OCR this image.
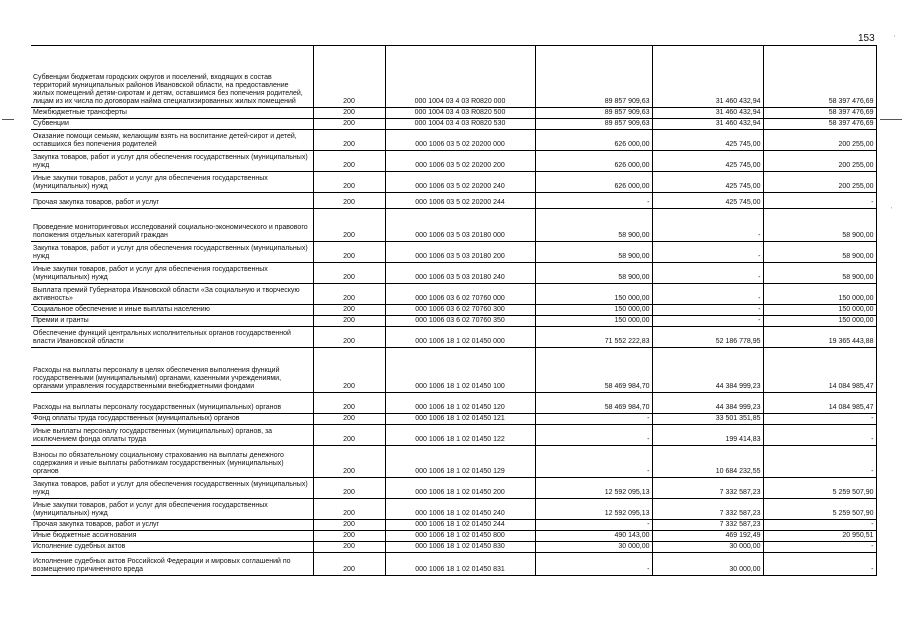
153
ˌ
ˌ
Субвенции бюджетам городских округов и поселений, входящих в состав территорий муниципальных районов Ивановской области, на предоставление жилых помещений детям-сиротам и детям, оставшимся без попечения родителей, лицам из их числа по договорам найма специализированных жилых помещений	200	000 1004 03 4 03 R0820 000	89 857 909,63	31 460 432,94	58 397 476,69
Межбюджетные трансферты	200	000 1004 03 4 03 R0820 500	89 857 909,63	31 460 432,94	58 397 476,69
Субвенции	200	000 1004 03 4 03 R0820 530	89 857 909,63	31 460 432,94	58 397 476,69
Оказание помощи семьям, желающим взять на воспитание детей-сирот и детей, оставшихся без попечения родителей	200	000 1006 03 5 02 20200 000	626 000,00	425 745,00	200 255,00
Закупка товаров, работ и услуг для обеспечения государственных (муниципальных) нужд	200	000 1006 03 5 02 20200 200	626 000,00	425 745,00	200 255,00
Иные закупки товаров, работ и услуг для обеспечения государственных (муниципальных) нужд	200	000 1006 03 5 02 20200 240	626 000,00	425 745,00	200 255,00
Прочая закупка товаров, работ и услуг	200	000 1006 03 5 02 20200 244	-	425 745,00	-
Проведение мониторинговых исследований социально-экономического и правового положения отдельных категорий граждан	200	000 1006 03 5 03 20180 000	58 900,00	-	58 900,00
Закупка товаров, работ и услуг для обеспечения государственных (муниципальных) нужд	200	000 1006 03 5 03 20180 200	58 900,00	-	58 900,00
Иные закупки товаров, работ и услуг для обеспечения государственных (муниципальных) нужд	200	000 1006 03 5 03 20180 240	58 900,00	-	58 900,00
Выплата премий Губернатора Ивановской области «За социальную и творческую активность»	200	000 1006 03 6 02 70760 000	150 000,00	-	150 000,00
Социальное обеспечение и иные выплаты населению	200	000 1006 03 6 02 70760 300	150 000,00	-	150 000,00
Премии и гранты	200	000 1006 03 6 02 70760 350	150 000,00	-	150 000,00
Обеспечение функций центральных исполнительных органов государственной власти Ивановской области	200	000 1006 18 1 02 01450 000	71 552 222,83	52 186 778,95	19 365 443,88
Расходы на выплаты персоналу в целях обеспечения выполнения функций государственными (муниципальными) органами, казенными учреждениями, органами управления государственными внебюджетными фондами	200	000 1006 18 1 02 01450 100	58 469 984,70	44 384 999,23	14 084 985,47
Расходы на выплаты персоналу государственных (муниципальных) органов	200	000 1006 18 1 02 01450 120	58 469 984,70	44 384 999,23	14 084 985,47
Фонд оплаты труда государственных (муниципальных) органов	200	000 1006 18 1 02 01450 121	-	33 501 351,85	-
Иные выплаты персоналу государственных (муниципальных) органов, за исключением фонда оплаты труда	200	000 1006 18 1 02 01450 122	-	199 414,83	-
Взносы по обязательному социальному страхованию на выплаты денежного содержания и иные выплаты работникам государственных (муниципальных) органов	200	000 1006 18 1 02 01450 129	-	10 684 232,55	-
Закупка товаров, работ и услуг для обеспечения государственных (муниципальных) нужд	200	000 1006 18 1 02 01450 200	12 592 095,13	7 332 587,23	5 259 507,90
Иные закупки товаров, работ и услуг для обеспечения государственных (муниципальных) нужд	200	000 1006 18 1 02 01450 240	12 592 095,13	7 332 587,23	5 259 507,90
Прочая закупка товаров, работ и услуг	200	000 1006 18 1 02 01450 244	-	7 332 587,23	-
Иные бюджетные ассигнования	200	000 1006 18 1 02 01450 800	490 143,00	469 192,49	20 950,51
Исполнение судебных актов	200	000 1006 18 1 02 01450 830	30 000,00	30 000,00	-
Исполнение судебных актов Российской Федерации и мировых соглашений по возмещению причиненного вреда	200	000 1006 18 1 02 01450 831	-	30 000,00	-
